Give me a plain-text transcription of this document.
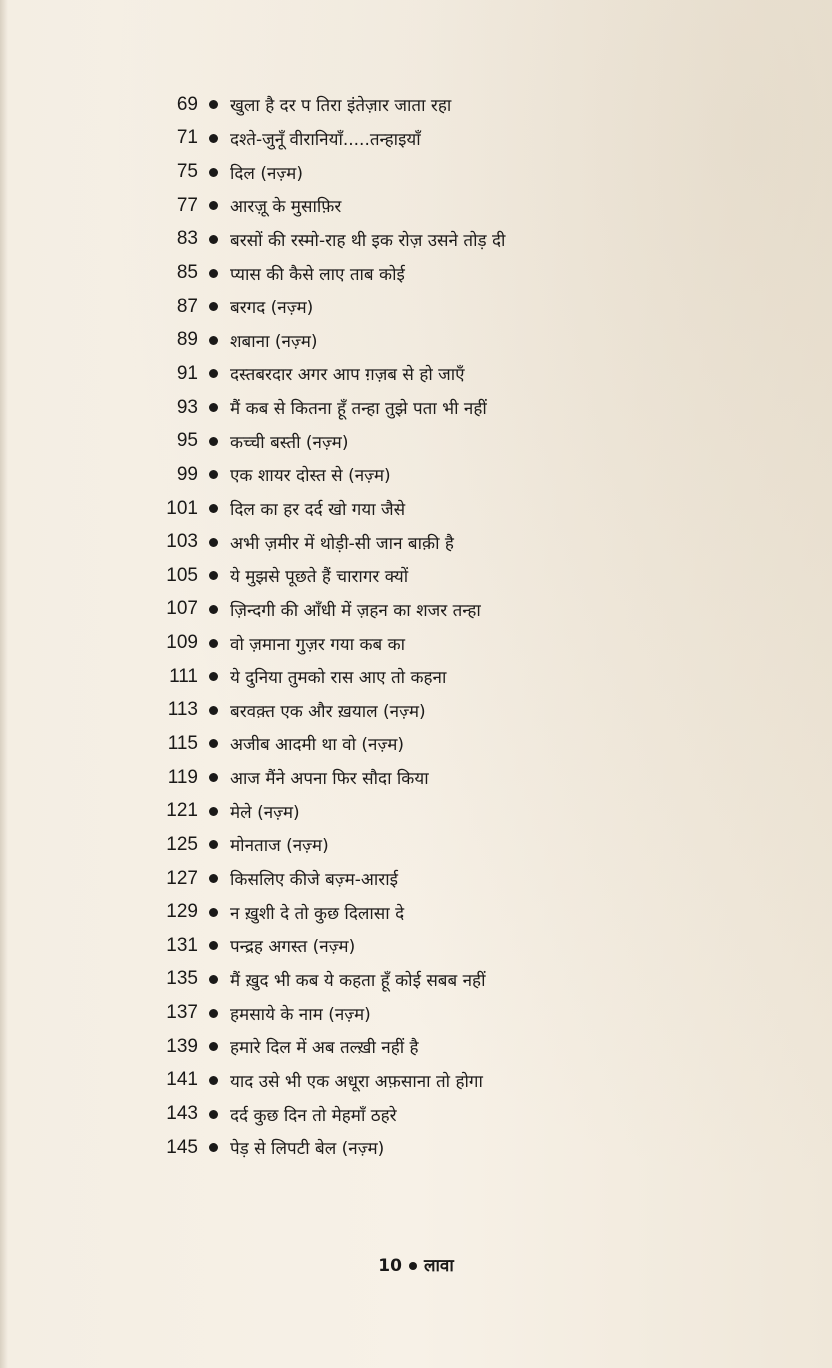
69 खुला है दर प तिरा इंतेज़ार जाता रहा
71 दश्ते-जुनूँ वीरानियाँ.....तन्हाइयाँ
75 दिल (नज़्म)
77 आरज़ू के मुसाफ़िर
83 बरसों की रस्मो-राह थी इक रोज़ उसने तोड़ दी
85 प्यास की कैसे लाए ताब कोई
87 बरगद (नज़्म)
89 शबाना (नज़्म)
91 दस्तबरदार अगर आप ग़ज़ब से हो जाएँ
93 मैं कब से कितना हूँ तन्हा तुझे पता भी नहीं
95 कच्ची बस्ती (नज़्म)
99 एक शायर दोस्त से (नज़्म)
101 दिल का हर दर्द खो गया जैसे
103 अभी ज़मीर में थोड़ी-सी जान बाक़ी है
105 ये मुझसे पूछते हैं चारागर क्यों
107 ज़िन्दगी की आँधी में ज़हन का शजर तन्हा
109 वो ज़माना गुज़र गया कब का
111 ये दुनिया तुमको रास आए तो कहना
113 बरवक़्त एक और ख़याल (नज़्म)
115 अजीब आदमी था वो (नज़्म)
119 आज मैंने अपना फिर सौदा किया
121 मेले (नज़्म)
125 मोनताज (नज़्म)
127 किसलिए कीजे बज़्म-आराई
129 न ख़ुशी दे तो कुछ दिलासा दे
131 पन्द्रह अगस्त (नज़्म)
135 मैं ख़ुद भी कब ये कहता हूँ कोई सबब नहीं
137 हमसाये के नाम (नज़्म)
139 हमारे दिल में अब तल्ख़ी नहीं है
141 याद उसे भी एक अधूरा अफ़साना तो होगा
143 दर्द कुछ दिन तो मेहमाँ ठहरे
145 पेड़ से लिपटी बेल (नज़्म)
10 लावा
